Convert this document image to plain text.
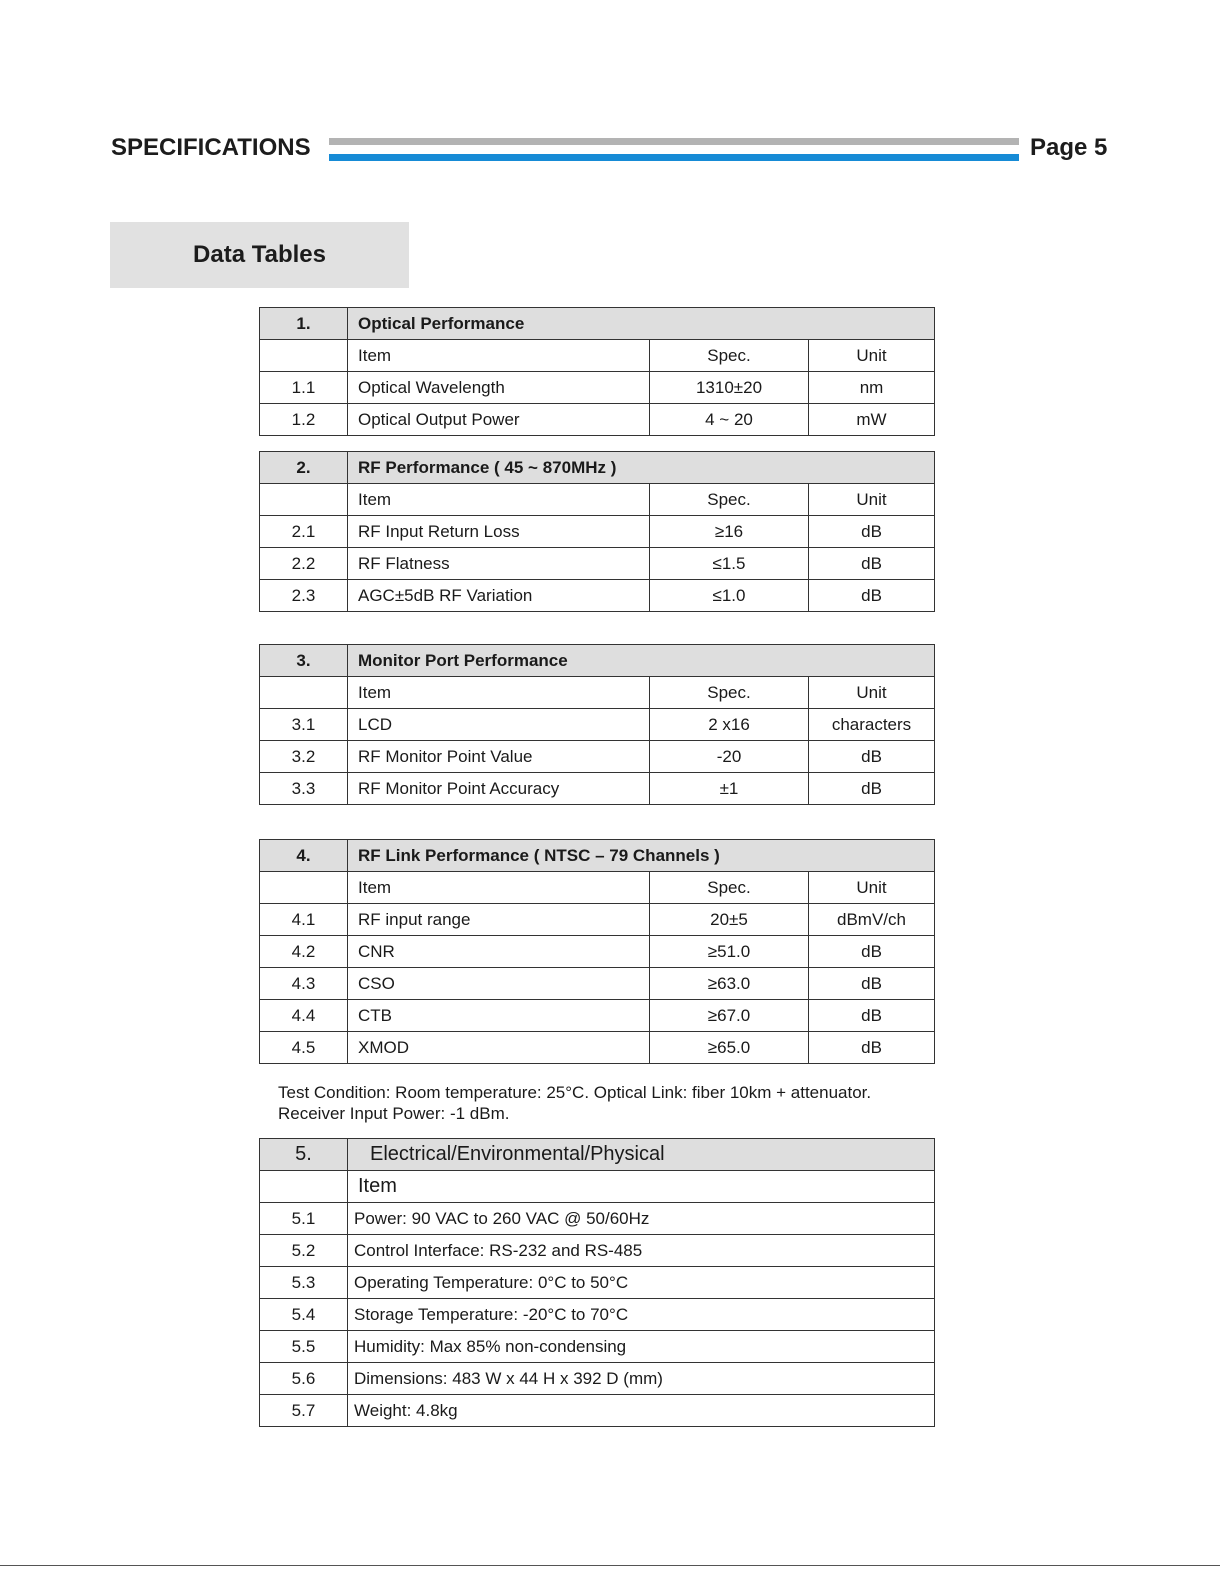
SPECIFICATIONS	Page 5
Data Tables
1.	Optical Performance		
	Item	Spec.	Unit
1.1	Optical Wavelength	1310±20	nm
1.2	Optical Output Power	4 ~ 20	mW
2.	RF Performance ( 45 ~ 870MHz )		
	Item	Spec.	Unit
2.1	RF Input Return Loss	≥16	dB
2.2	RF Flatness	≤1.5	dB
2.3	AGC±5dB RF Variation	≤1.0	dB
3.	Monitor Port Performance		
	Item	Spec.	Unit
3.1	LCD	2 x16	characters
3.2	RF Monitor Point Value	-20	dB
3.3	RF Monitor Point Accuracy	±1	dB
4.	RF Link Performance ( NTSC – 79 Channels )		
	Item	Spec.	Unit
4.1	RF input range	20±5	dBmV/ch
4.2	CNR	≥51.0	dB
4.3	CSO	≥63.0	dB
4.4	CTB	≥67.0	dB
4.5	XMOD	≥65.0	dB
Test Condition: Room temperature: 25°C. Optical Link: fiber 10km + attenuator.
Receiver Input Power: -1 dBm.
5.	Electrical/Environmental/Physical
	Item
5.1	Power: 90 VAC to 260 VAC @ 50/60Hz
5.2	Control Interface: RS-232 and RS-485
5.3	Operating Temperature: 0°C to 50°C
5.4	Storage Temperature: -20°C to 70°C
5.5	Humidity: Max 85% non-condensing
5.6	Dimensions: 483 W x 44 H x 392 D (mm)
5.7	Weight: 4.8kg
